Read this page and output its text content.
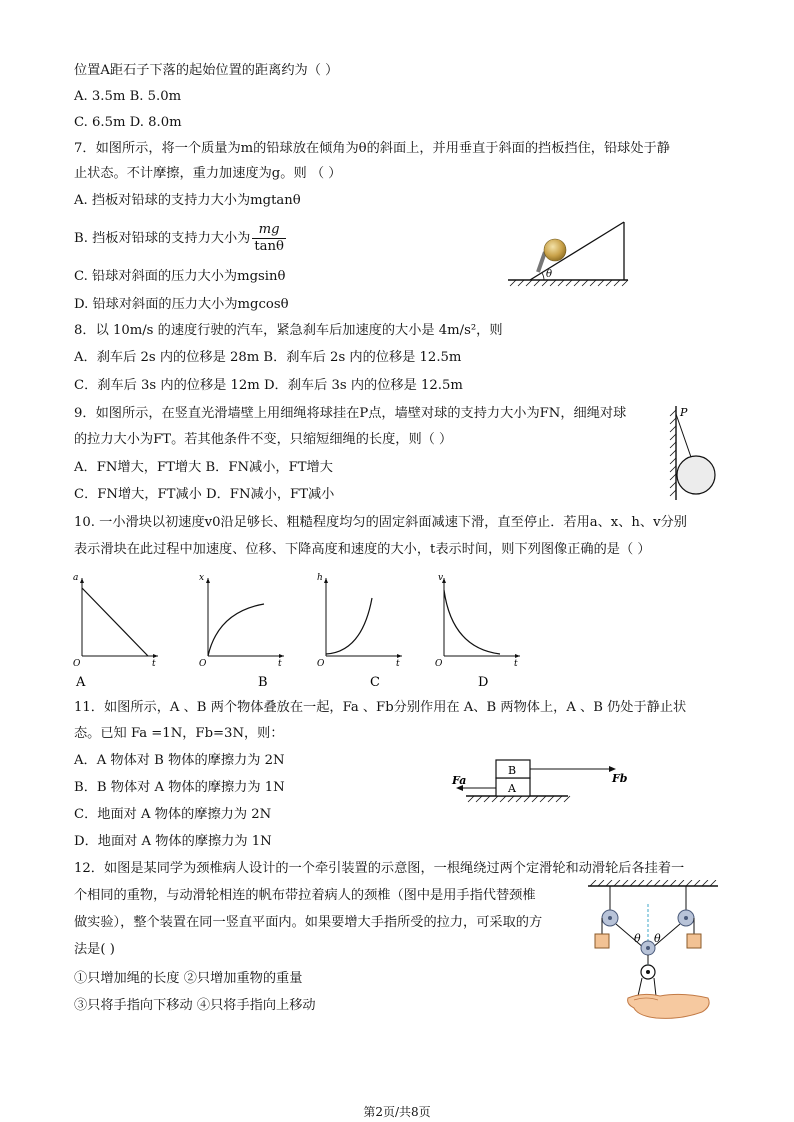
位置A距石子下落的起始位置的距离约为（ ）
A. 3.5m B. 5.0m
C. 6.5m D. 8.0m
7．如图所示，将一个质量为m的铅球放在倾角为θ的斜面上，并用垂直于斜面的挡板挡住，铅球处于静
止状态。不计摩擦，重力加速度为g。则 （ ）
A. 挡板对铅球的支持力大小为mgtanθ
B. 挡板对铅球的支持力大小为 $\frac{mg}{\tan\theta}$
C. 铅球对斜面的压力大小为mgsinθ
D. 铅球对斜面的压力大小为mgcosθ
θ
8．以 10m/s 的速度行驶的汽车，紧急刹车后加速度的大小是 4m/s²，则
A．刹车后 2s 内的位移是 28m B．刹车后 2s 内的位移是 12.5m
C．刹车后 3s 内的位移是 12m D．刹车后 3s 内的位移是 12.5m
9．如图所示，在竖直光滑墙壁上用细绳将球挂在P点，墙壁对球的支持力大小为FN，细绳对球
的拉力大小为FT。若其他条件不变，只缩短细绳的长度，则（ ）
A．FN增大，FT增大 B．FN减小，FT增大
C．FN增大，FT减小 D．FN减小，FT减小
P
10. 一小滑块以初速度v0沿足够长、粗糙程度均匀的固定斜面减速下滑，直至停止．若用a、x、h、v分别
表示滑块在此过程中加速度、位移、下降高度和速度的大小，t表示时间，则下列图像正确的是（ ）
a
t
O
A
x
t
O
B
h
t
O
C
v
t
O
D
11．如图所示，A 、B 两个物体叠放在一起，Fa 、Fb分别作用在 A、B 两物体上，A 、B 仍处于静止状
态。已知 Fa =1N，Fb=3N，则：
A．A 物体对 B 物体的摩擦力为 2N
B．B 物体对 A 物体的摩擦力为 1N
C．地面对 A 物体的摩擦力为 2N
D．地面对 A 物体的摩擦力为 1N
A
B
Fb
Fa
12．如图是某同学为颈椎病人设计的一个牵引装置的示意图，一根绳绕过两个定滑轮和动滑轮后各挂着一
个相同的重物，与动滑轮相连的帆布带拉着病人的颈椎（图中是用手指代替颈椎
做实验），整个装置在同一竖直平面内。如果要增大手指所受的拉力，可采取的方
法是( )
①只增加绳的长度 ②只增加重物的重量
③只将手指向下移动 ④只将手指向上移动
θ θ
第2页/共8页
